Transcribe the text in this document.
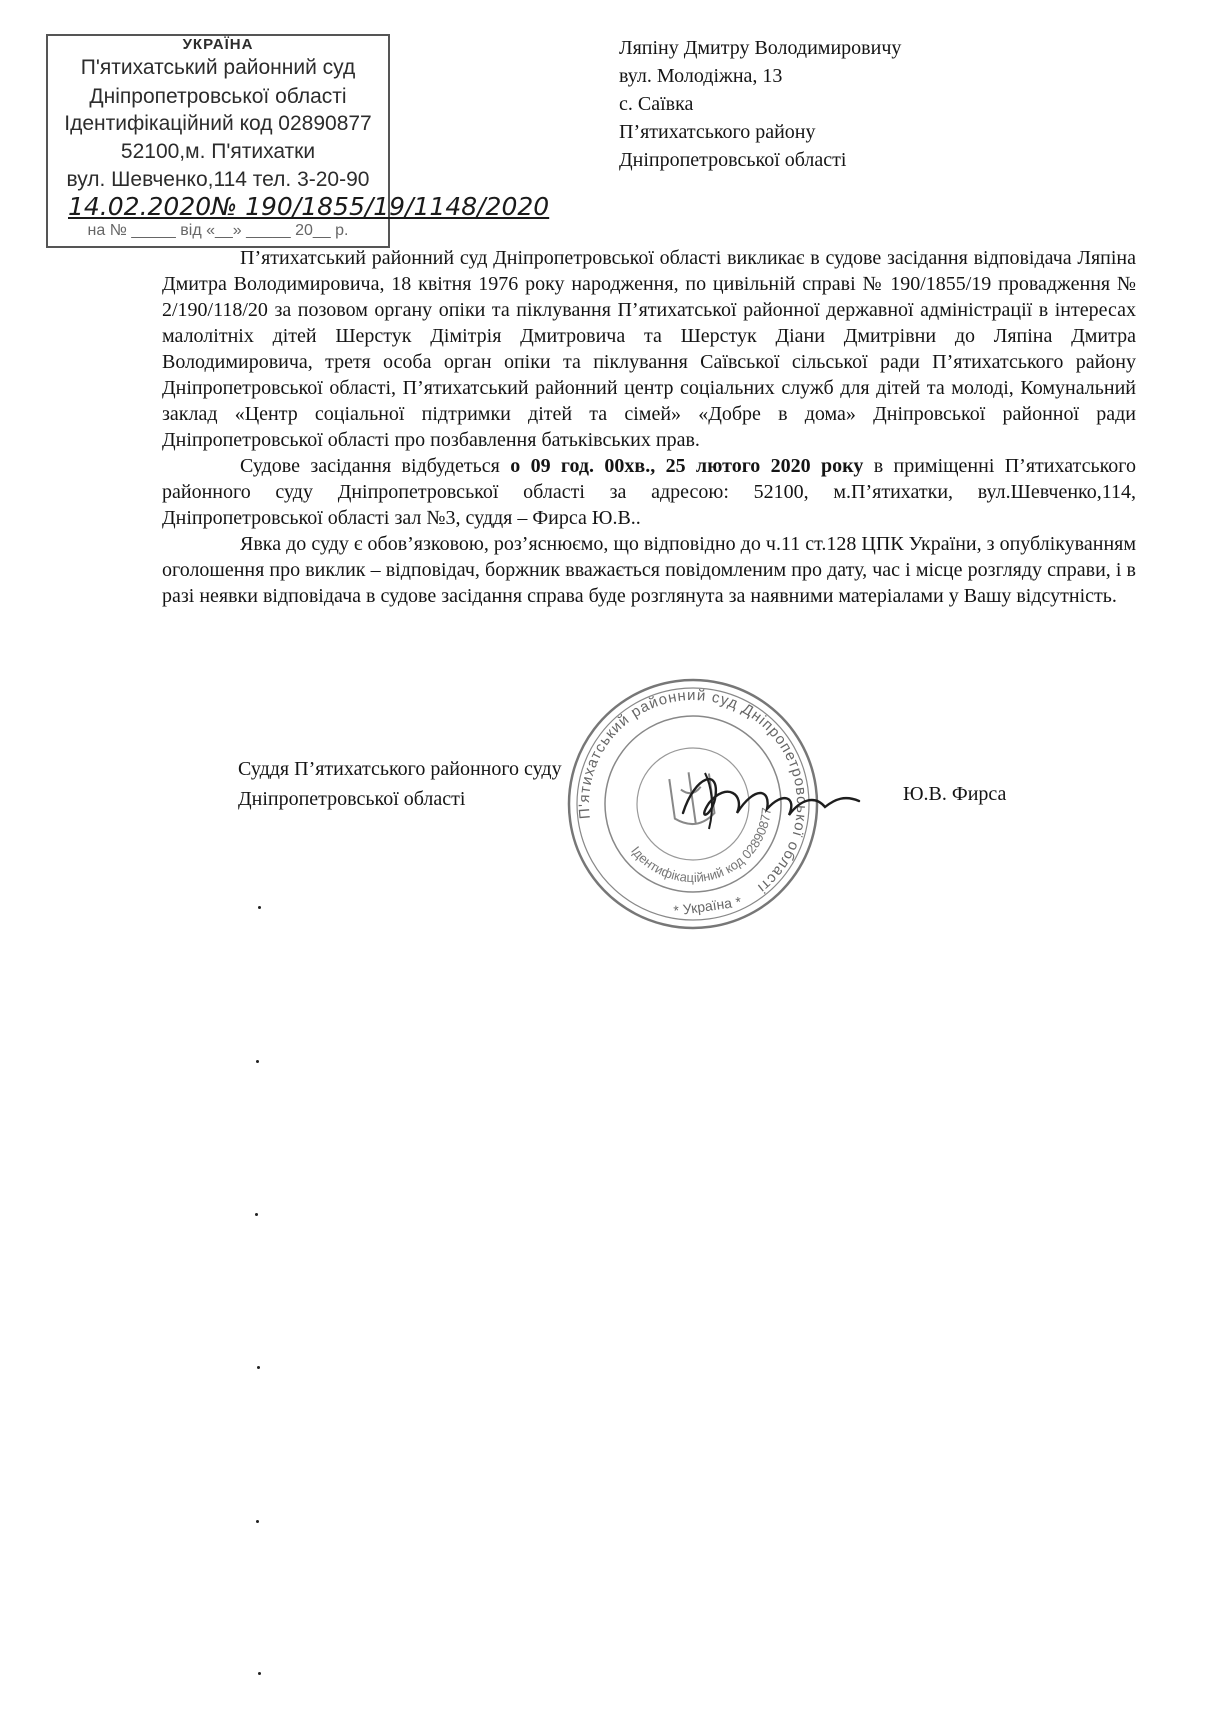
УКРАЇНА
П'ятихатський районний суд
Дніпропетровської області
Ідентифікаційний код 02890877
52100,м. П'ятихатки
вул. Шевченко,114 тел. 3-20-90
14.02.2020№ 190/1855/19/1148/2020
на № _____ від «__» _____ 20__ р.
Ляпіну Дмитру Володимировичу
вул. Молодіжна, 13
с. Саївка
П’ятихатського району
Дніпропетровської області

П’ятихатський районний суд Дніпропетровської області викликає в судове засідання відповідача Ляпіна Дмитра Володимировича, 18 квітня 1976 року народження, по цивільній справі № 190/1855/19 провадження № 2/190/118/20 за позовом органу опіки та піклування П’ятихатської районної державної адміністрації в інтересах малолітніх дітей Шерстук Дімітрія Дмитровича та Шерстук Діани Дмитрівни до Ляпіна Дмитра Володимировича, третя особа орган опіки та піклування Саївської сільської ради П’ятихатського району Дніпропетровської області, П’ятихатський районний центр соціальних служб для дітей та молоді, Комунальний заклад «Центр соціальної підтримки дітей та сімей» «Добре в дома» Дніпровської районної ради Дніпропетровської області про позбавлення батьківських прав.

Судове засідання відбудеться о 09 год. 00хв., 25 лютого 2020 року в приміщенні П’ятихатського районного суду Дніпропетровської області за адресою: 52100, м.П’ятихатки, вул.Шевченко,114, Дніпропетровської області зал №3, суддя – Фирса Ю.В..

Явка до суду є обов’язковою, роз’яснюємо, що відповідно до ч.11 ст.128 ЦПК України, з опублікуванням оголошення про виклик – відповідач, боржник вважається повідомленим про дату, час і місце розгляду справи, і в разі неявки відповідача в судове засідання справа буде розглянута за наявними матеріалами у Вашу відсутність.

П'ятихатський районний суд Дніпропетровської області
Ідентифікаційний код 02890877
* Україна *
Суддя П’ятихатського районного суду
Дніпропетровської області	Ю.В. Фирса
